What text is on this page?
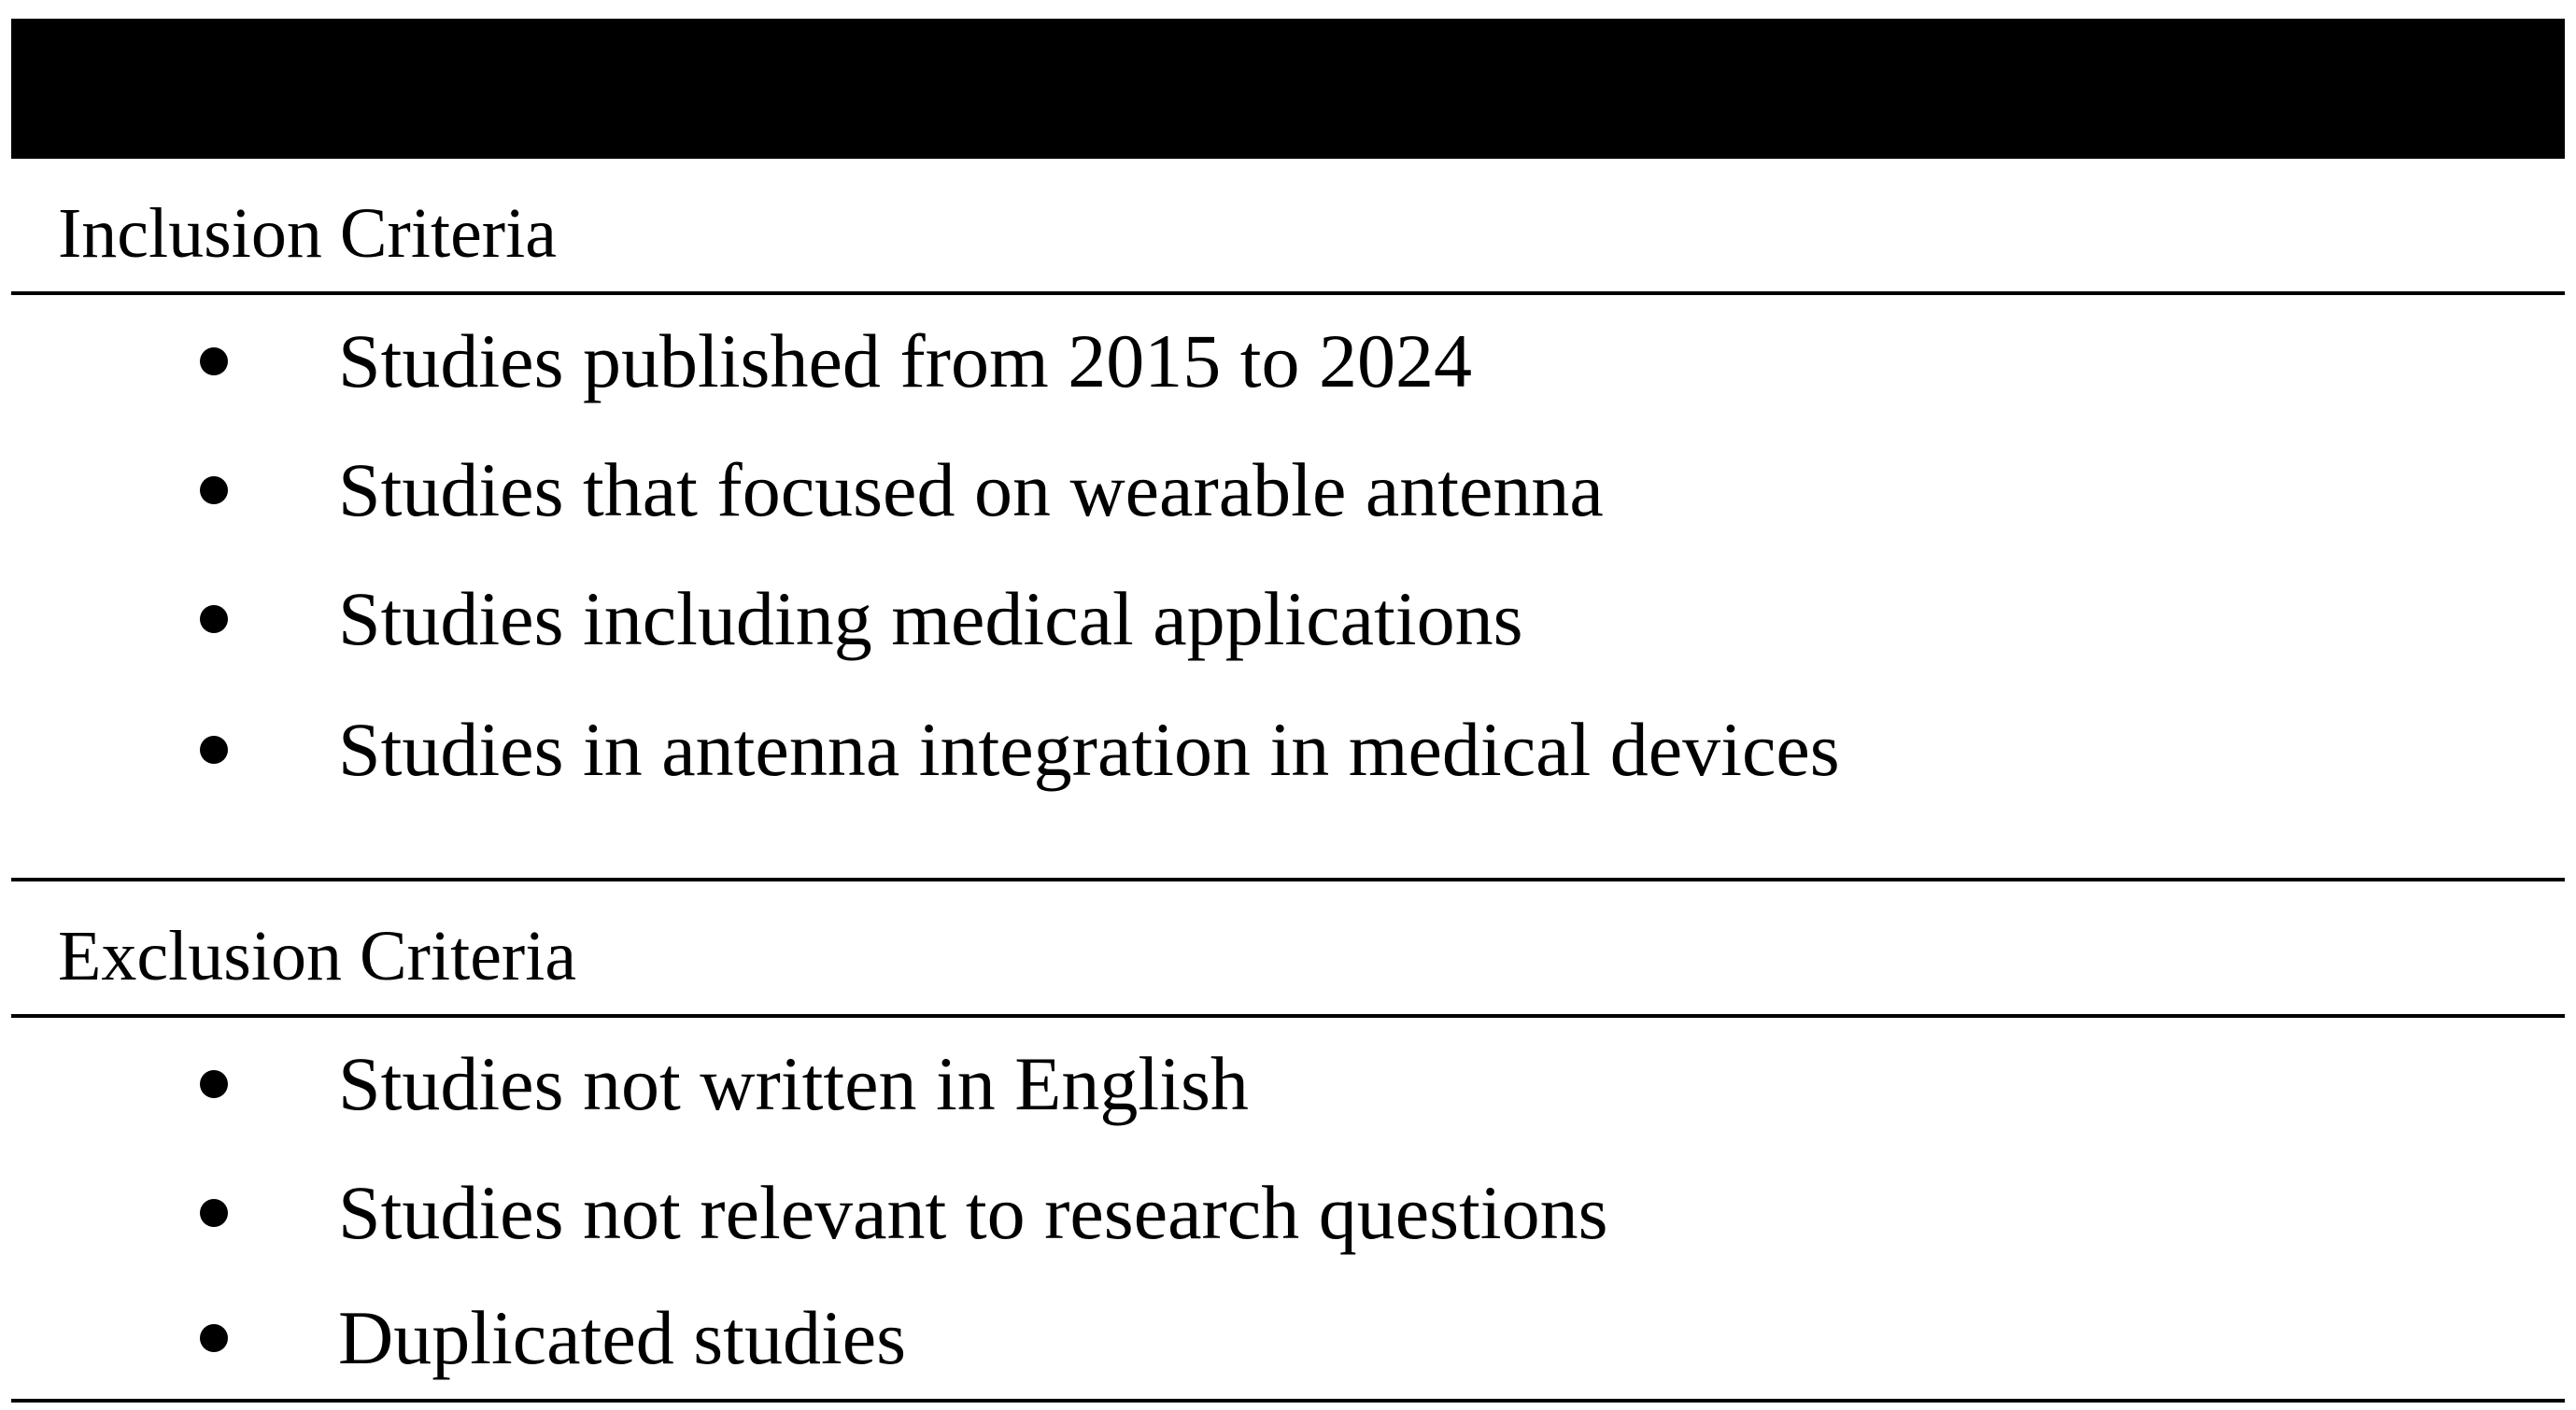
Inclusion Criteria
Studies published from 2015 to 2024
Studies that focused on wearable antenna
Studies including medical applications
Studies in antenna integration in medical devices
Exclusion Criteria
Studies not written in English
Studies not relevant to research questions
Duplicated studies
